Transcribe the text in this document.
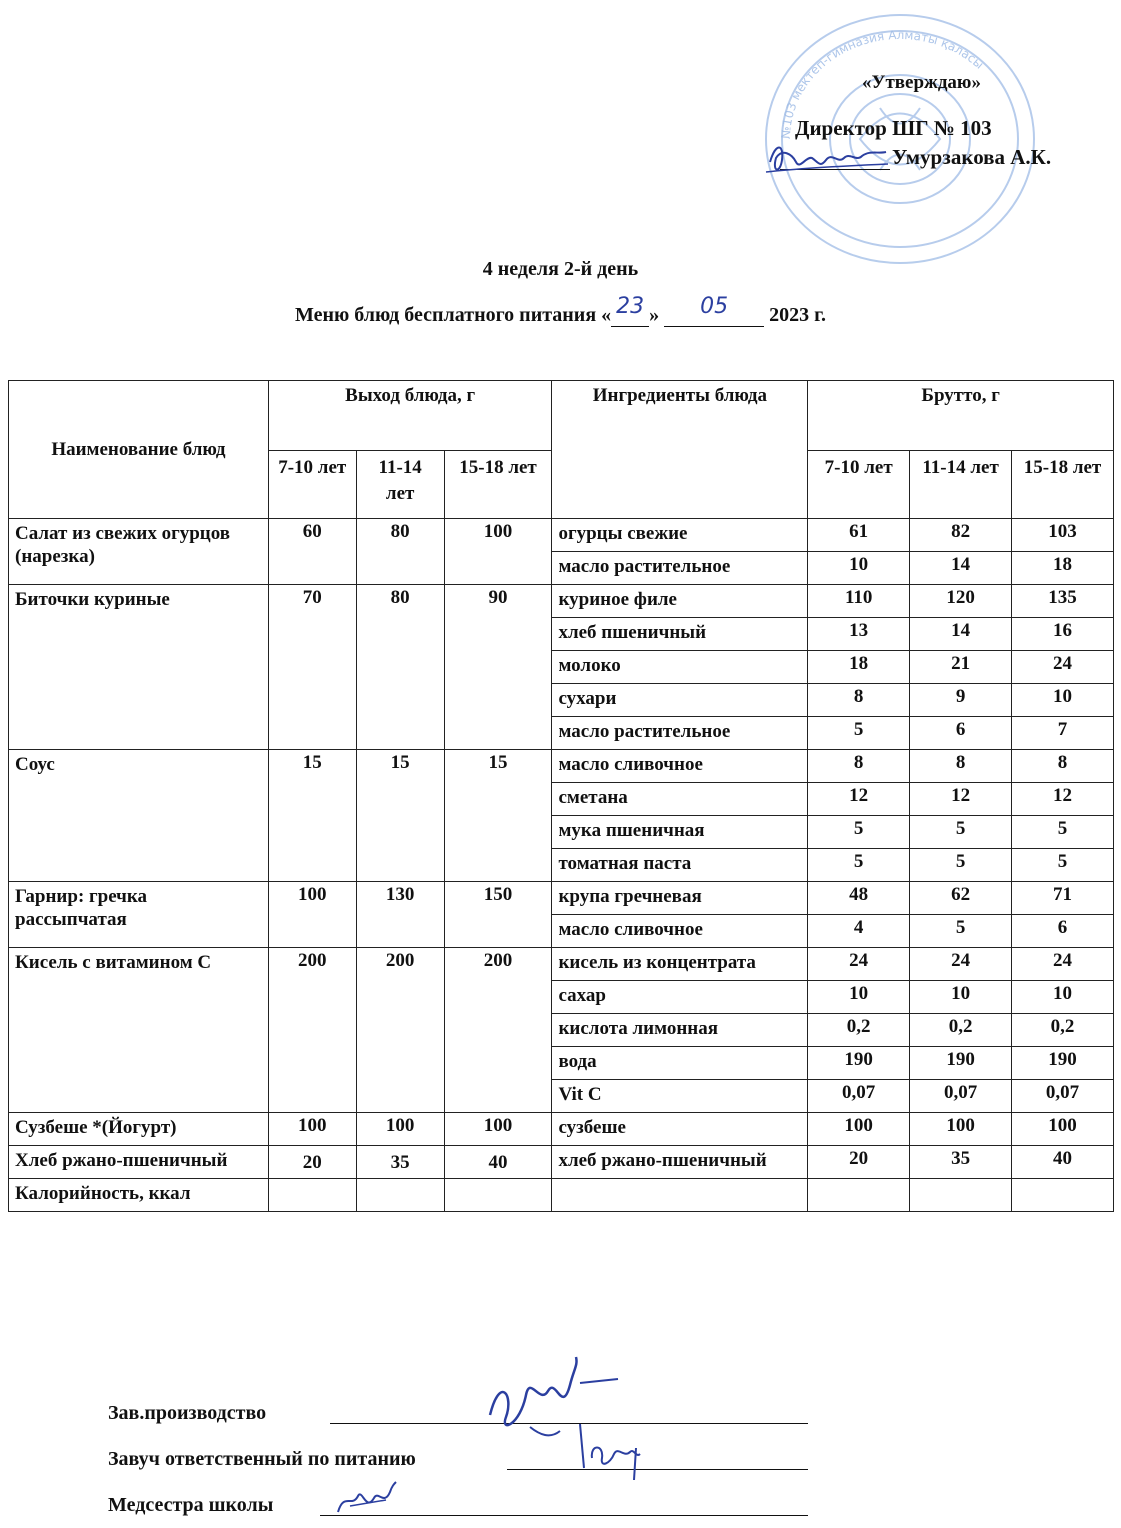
№103 мектеп-гимназия Алматы қаласы
«Утверждаю»
Директор ШГ № 103
Умурзакова А.К.
4 неделя 2-й день
Меню блюд бесплатного питания « 23 »	05	2023 г.
Наименование блюд	Выход блюда, г			Ингредиенты блюда	Брутто, г		
	7-10 лет	11-14 лет	15-18 лет		7-10 лет	11-14 лет	15-18 лет
Салат из свежих огурцов (нарезка)	60	80	100	огурцы свежие	61	82	103
				масло растительное	10	14	18
Биточки куриные	70	80	90	куриное филе	110	120	135
				хлеб пшеничный	13	14	16
				молоко	18	21	24
				сухари	8	9	10
				масло растительное	5	6	7
Соус	15	15	15	масло сливочное	8	8	8
				сметана	12	12	12
				мука пшеничная	5	5	5
				томатная паста	5	5	5
Гарнир: гречка рассыпчатая	100	130	150	крупа гречневая	48	62	71
				масло сливочное	4	5	6
Кисель с витамином С	200	200	200	кисель из концентрата	24	24	24
				сахар	10	10	10
				кислота лимонная	0,2	0,2	0,2
				вода	190	190	190
				Vit C	0,07	0,07	0,07
Сузбеше *(Йогурт)	100	100	100	сузбеше	100	100	100
Хлеб ржано-пшеничный	20	35	40	хлеб ржано-пшеничный	20	35	40
Калорийность, ккал							
Зав.производство
Завуч ответственный по питанию
Медсестра школы
